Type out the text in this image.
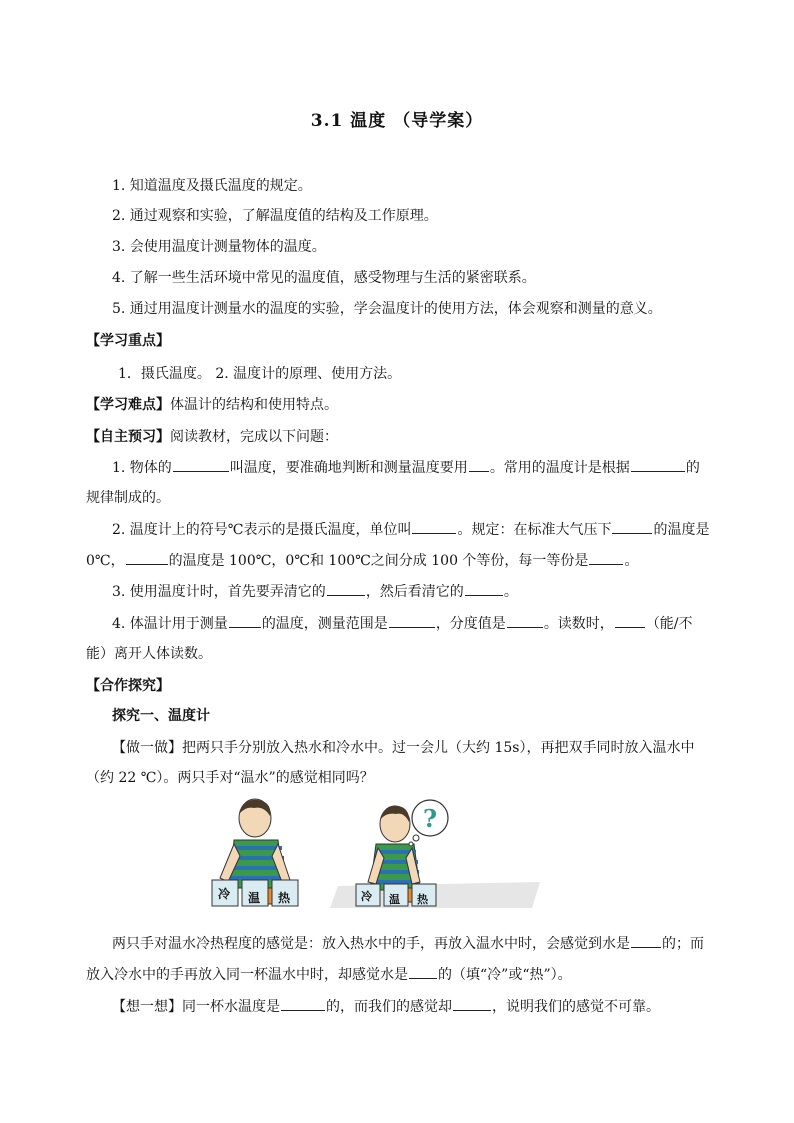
3.1 温度 （导学案）
1. 知道温度及摄氏温度的规定。
2. 通过观察和实验，了解温度值的结构及工作原理。
3. 会使用温度计测量物体的温度。
4. 了解一些生活环境中常见的温度值，感受物理与生活的紧密联系。
5. 通过用温度计测量水的温度的实验，学会温度计的使用方法，体会观察和测量的意义。
【学习重点】
1．摄氏温度。 2. 温度计的原理、使用方法。
【学习难点】体温计的结构和使用特点。
【自主预习】阅读教材，完成以下问题：
1. 物体的	叫温度，要准确地判断和测量温度要用 。常用的温度计是根据	的
规律制成的。
2. 温度计上的符号℃表示的是摄氏温度，单位叫	。规定：在标准大气压下	的温度是
0℃，	的温度是 100℃，0℃和 100℃之间分成 100 个等份，每一等份是	。
3. 使用温度计时，首先要弄清它的	，然后看清它的	。
4. 体温计用于测量 的温度，测量范围是	，分度值是	。读数时， （能/不
能）离开人体读数。
【合作探究】
探究一、温度计
【做一做】把两只手分别放入热水和冷水中。过一会儿（大约 15s），再把双手同时放入温水中
（约 22 ℃）。两只手对“温水”的感觉相同吗？
冷 温 热
?
冷 温 热
两只手对温水冷热程度的感觉是：放入热水中的手，再放入温水中时，会感觉到水是 的；而
放入冷水中的手再放入同一杯温水中时，却感觉水是 的（填“冷”或“热”）。
【想一想】同一杯水温度是	的，而我们的感觉却	，说明我们的感觉不可靠。
